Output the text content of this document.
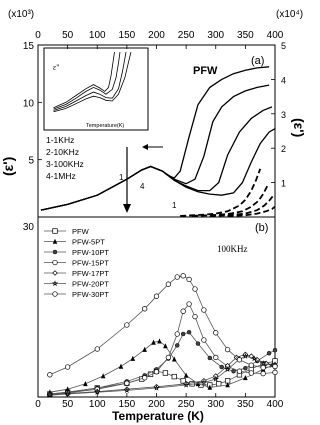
(x10³)	(x10⁴)
0 50 100 150 200 250 300 350 400
5
10
15
1
2
3
4
5
30
0 50 100 150 200 250 300 350 400
(a)
PFW
ε''
Temperature(K)
1-1KHz
2-10KHz
3-100KHz
4-1MHz	1
4
1
(ε')
(ε')
(b)
100KHz
PFW
PFW-5PT
PFW-10PT
PFW-15PT
PFW-17PT
PFW-20PT
PFW-30PT
Temperature (K)
